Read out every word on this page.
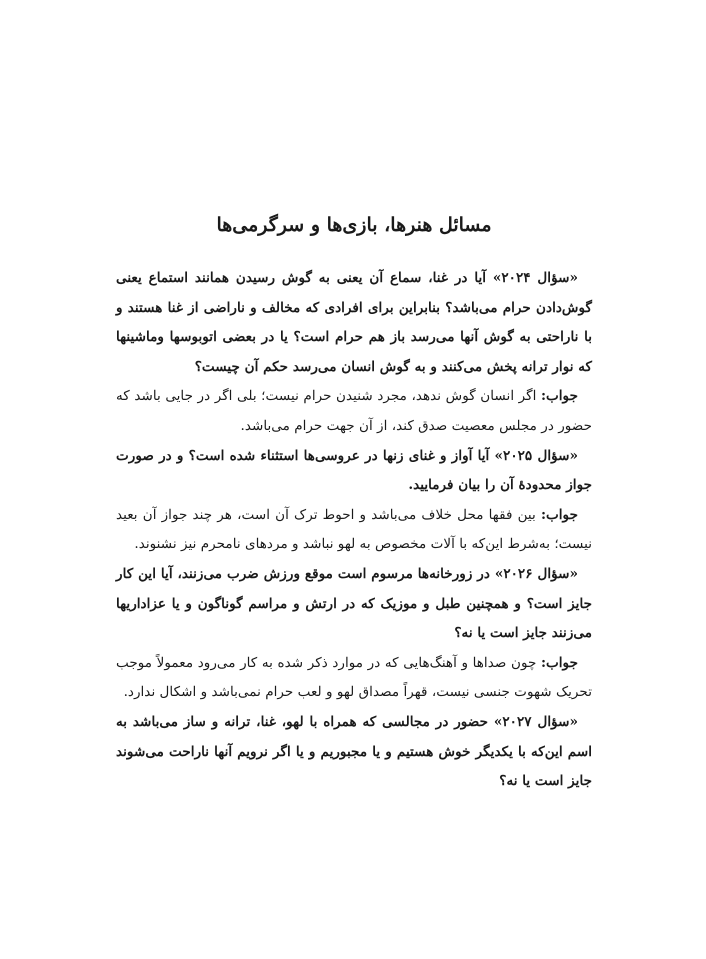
مسائل هنرها، بازی‌ها و سرگرمی‌ها

«سؤال ۲۰۲۴» آیا در غنا، سماع آن یعنی به گوش رسیدن همانند استماع یعنی گوش‌دادن حرام می‌باشد؟ بنابراین برای افرادی که مخالف و ناراضی از غنا هستند و با ناراحتی به گوش آنها می‌رسد باز هم حرام است؟ یا در بعضی اتوبوسها وماشینها که نوار ترانه پخش می‌کنند و به گوش انسان می‌رسد حکم آن چیست؟

جواب: اگر انسان گوش ندهد، مجرد شنیدن حرام نیست؛ بلی اگر در جایی باشد که حضور در مجلس معصیت صدق کند، از آن جهت حرام می‌باشد.

«سؤال ۲۰۲۵» آیا آواز و غنای زنها در عروسی‌ها استثناء شده است؟ و در صورت جواز محدودهٔ آن را بیان فرمایید.

جواب: بین فقها محل خلاف می‌باشد و احوط ترک آن است، هر چند جواز آن بعید نیست؛ به‌شرط این‌که با آلات مخصوص به لهو نباشد و مردهای نامحرم نیز نشنوند.

«سؤال ۲۰۲۶» در زورخانه‌ها مرسوم است موقع ورزش ضرب می‌زنند، آیا این کار جایز است؟ و همچنین طبل و موزیک که در ارتش و مراسم گوناگون و یا عزاداریها می‌زنند جایز است یا نه؟

جواب: چون صداها و آهنگ‌هایی که در موارد ذکر شده به کار می‌رود معمولاً موجب تحریک شهوت جنسی نیست، قهراً مصداق لهو و لعب حرام نمی‌باشد و اشکال ندارد.

«سؤال ۲۰۲۷» حضور در مجالسی که همراه با لهو، غنا، ترانه و ساز می‌باشد به اسم این‌که با یکدیگر خوش هستیم و یا مجبوریم و یا اگر نرویم آنها ناراحت می‌شوند جایز است یا نه؟
